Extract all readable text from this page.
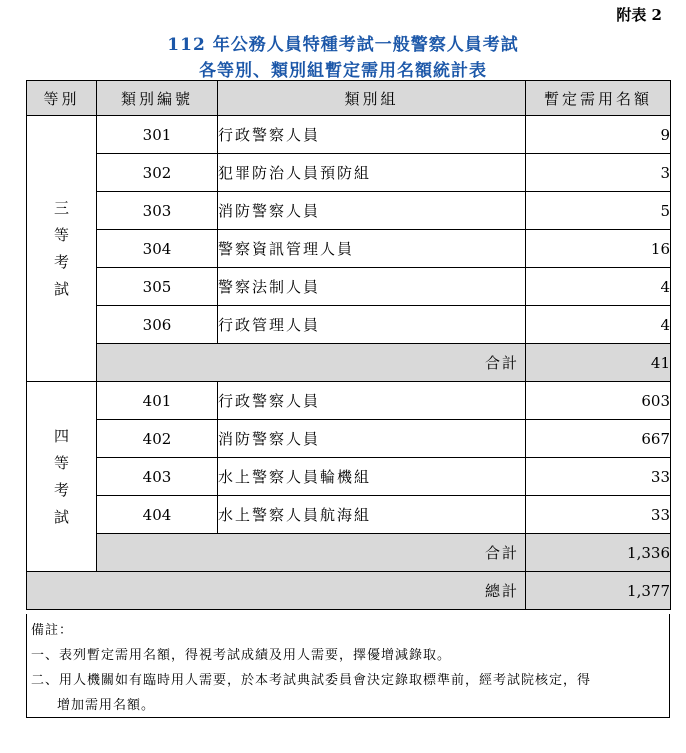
附表 2
112 年公務人員特種考試一般警察人員考試
各等別、類別組暫定需用名額統計表
等別	類別編號	類別組	暫定需用名額

三
等
考
試	301	行政警察人員	9
	302	犯罪防治人員預防組	3
	303	消防警察人員	5
	304	警察資訊管理人員	16
	305	警察法制人員	4
	306	行政管理人員	4
	合計		41

四
等
考
試	401	行政警察人員	603
	402	消防警察人員	667
	403	水上警察人員輪機組	33
	404	水上警察人員航海組	33
	合計		1,336
總計			1,377
備註：
一、表列暫定需用名額，得視考試成績及用人需要，擇優增減錄取。
二、用人機關如有臨時用人需要，於本考試典試委員會決定錄取標準前，經考試院核定，得
增加需用名額。
